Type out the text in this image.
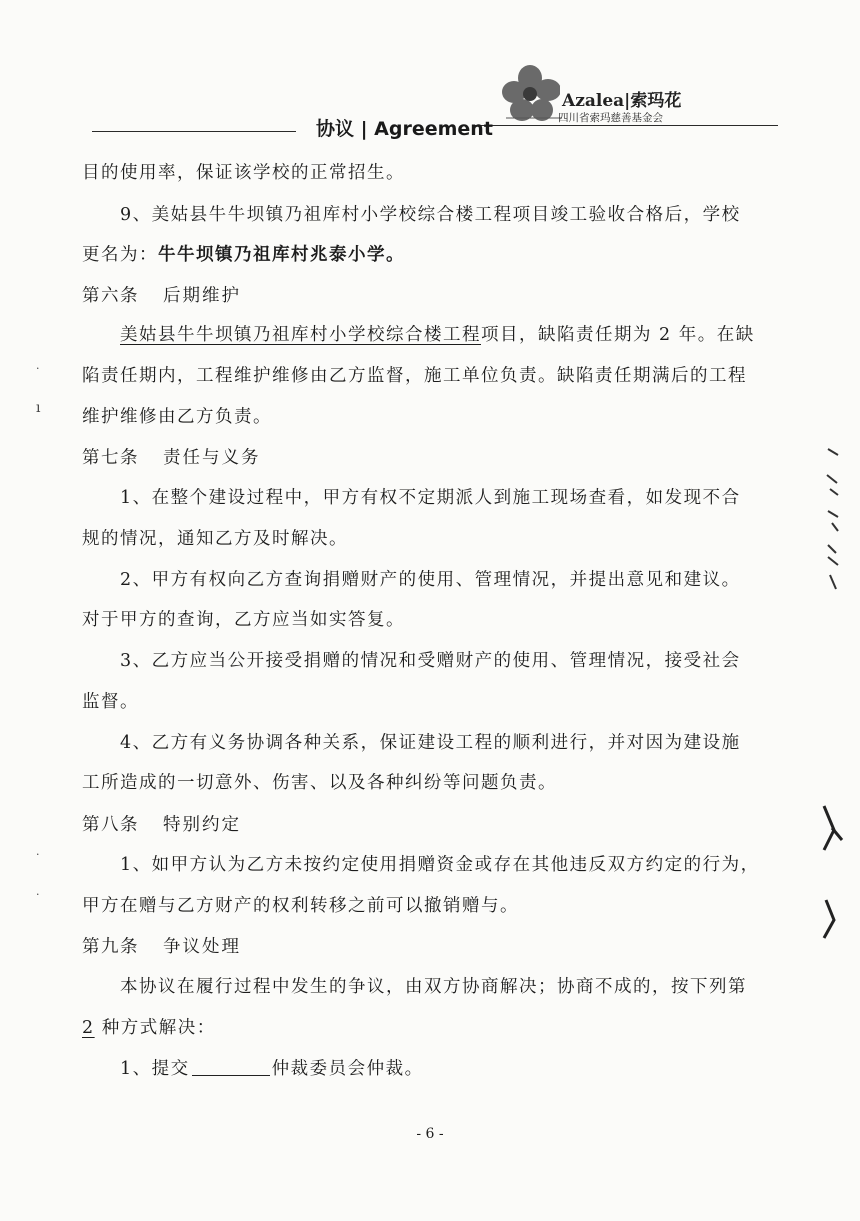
协议 | Agreement
Azalea|索玛花
四川省索玛慈善基金会
目的使用率，保证该学校的正常招生。
9、美姑县牛牛坝镇乃祖库村小学校综合楼工程项目竣工验收合格后，学校
更名为：牛牛坝镇乃祖库村兆泰小学。
第六条 后期维护
美姑县牛牛坝镇乃祖库村小学校综合楼工程项目，缺陷责任期为 2 年。在缺
陷责任期内，工程维护维修由乙方监督，施工单位负责。缺陷责任期满后的工程
维护维修由乙方负责。
第七条 责任与义务
1、在整个建设过程中，甲方有权不定期派人到施工现场查看，如发现不合
规的情况，通知乙方及时解决。
2、甲方有权向乙方查询捐赠财产的使用、管理情况，并提出意见和建议。
对于甲方的查询，乙方应当如实答复。
3、乙方应当公开接受捐赠的情况和受赠财产的使用、管理情况，接受社会
监督。
4、乙方有义务协调各种关系，保证建设工程的顺利进行，并对因为建设施
工所造成的一切意外、伤害、以及各种纠纷等问题负责。
第八条 特别约定
1、如甲方认为乙方未按约定使用捐赠资金或存在其他违反双方约定的行为，
甲方在赠与乙方财产的权利转移之前可以撤销赠与。
第九条 争议处理
本协议在履行过程中发生的争议，由双方协商解决；协商不成的，按下列第
2 种方式解决：
1、提交	仲裁委员会仲裁。
- 6 -
·
ı
·
·
